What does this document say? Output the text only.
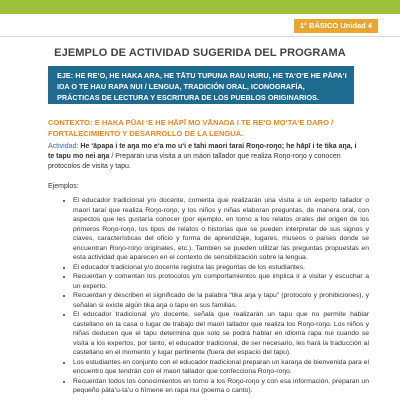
1° BÁSICO Unidad 4
EJEMPLO DE ACTIVIDAD SUGERIDA DEL PROGRAMA
EJE: HE REʻO, HE HAKA ARA, HE TĀTU TUPUNA RAU HURU, HE TAʻOʻE HE PĀPAʻI IŊA O TE HAU RAPA NUI / LENGUA, TRADICIÓN ORAL, ICONOGRAFÍA, PRÁCTICAS DE LECTURA Y ESCRITURA DE LOS PUEBLOS ORIGINARIOS.
CONTEXTO: E HAKA PŪAI ʻE HE HĀPĪ MO VĀNAŊA I TE REʻO MOʻTAʻE ŊARO / FORTALECIMIENTO Y DESARROLLO DE LA LENGUA.
Actividad: He ʻāpapa i te aŋa mo eʻa mo uʻi e tahi maori taraí Roŋo-roŋo; he hāpī i te tika aŋa, i te tapu mo nei aŋa / Preparan una visita a un máori tallador que realiza Roŋo-roŋo y conocen protocolos de visita y tapu.
Ejemplos:
• El educador tradicional y/o docente, comenta que realizarán una visita a un experto tallador o maori taraí que realiza Roŋo-roŋo, y los niños y niñas elaboran preguntas, de manera oral, con aspectos que les gustaría conocer (por ejemplo, en torno a los relatos orales del origen de los primeros Roŋo-roŋo, los tipos de relatos o historias que se pueden interpretar de sus signos y claves, características del oficio y forma de aprendizaje, lugares, museos o países donde se encuentran Roŋo-roŋo originales, etc.). También se pueden utilizar las preguntas propuestas en esta actividad que aparecen en el contexto de sensibilización sobre la lengua.
• El educador tradicional y/o docente registra las preguntas de los estudiantes.
• Recuerdan y comentan los protocolos y/o comportamientos que implica ir a visitar y escuchar a un experto.
• Recuerdan y describen el significado de la palabra “tika aŋa y tapu” (protocolo y prohibiciones), y señalan si existe algún tika aŋa o tapu en sus familias.
• El educador tradicional y/o docente, señala que realizarán un tapu que no permite hablar castellano en la casa o lugar de trabajo del maori tallador que realiza los Roŋo-roŋo. Los niños y niñas deducen que el tapu determina que solo se podrá hablar en idioma rapa nui cuando se visita a los expertos, por tanto, el educador tradicional, de ser necesario, les hará la traducción al castellano en el momento y lugar pertinente (fuera del espacio del tapu).
• Los estudiantes en conjunto con el educador tradicional preparan un karaŋa de bienvenida para el encuentro que tendrán con el maori tallador que confecciona Roŋo-roŋo.
• Recuerdan todos los conocimientos en torno a los Roŋo-roŋo y con esa información, preparan un pequeño pātaʻu-taʻu o hīmene en rapa nui (poema o canto).
